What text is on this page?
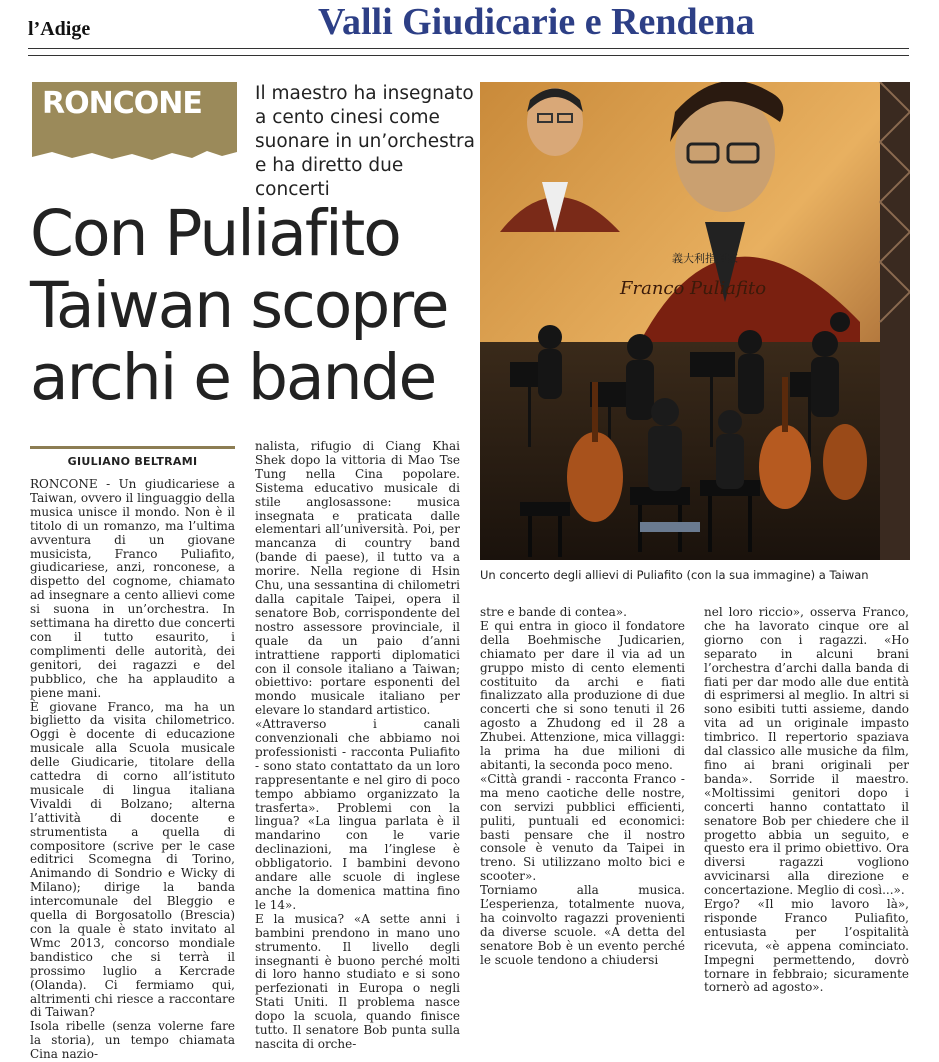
l’Adige	Valli Giudicarie e Rendena
RONCONE	Il maestro ha insegnato a cento cinesi come suonare in un’orchestra e ha diretto due concerti
Con Puliafito
Taiwan scopre
archi e bande
GIULIANO BELTRAMI

RONCONE - Un giudicariese a Taiwan, ovvero il linguaggio della musica unisce il mondo. Non è il titolo di un romanzo, ma l’ultima avventura di un giovane musicista, Franco Puliafito, giudicariese, anzi, ronconese, a dispetto del cognome, chiamato ad insegnare a cento allievi come si suona in un’orchestra. In settimana ha diretto due concerti con il tutto esaurito, i complimenti delle autorità, dei genitori, dei ragazzi e del pubblico, che ha applaudito a piene mani.

È giovane Franco, ma ha un biglietto da visita chilometrico. Oggi è docente di educazione musicale alla Scuola musicale delle Giudicarie, titolare della cattedra di corno all’istituto musicale di lingua italiana Vivaldi di Bolzano; alterna l’attività di docente e strumentista a quella di compositore (scrive per le case editrici Scomegna di Torino, Animando di Sondrio e Wicky di Milano); dirige la banda intercomunale del Bleggio e quella di Borgosatollo (Brescia) con la quale è stato invitato al Wmc 2013, concorso mondiale bandistico che si terrà il prossimo luglio a Kercrade (Olanda). Ci fermiamo qui, altrimenti chi riesce a raccontare di Taiwan?

Isola ribelle (senza volerne fare la storia), un tempo chiamata Cina nazio-

nalista, rifugio di Ciang Khai Shek dopo la vittoria di Mao Tse Tung nella Cina popolare. Sistema educativo musicale di stile anglosassone: musica insegnata e praticata dalle elementari all’università. Poi, per mancanza di country band (bande di paese), il tutto va a morire. Nella regione di Hsin Chu, una sessantina di chilometri dalla capitale Taipei, opera il senatore Bob, corrispondente del nostro assessore provinciale, il quale da un paio d’anni intrattiene rapporti diplomatici con il console italiano a Taiwan; obiettivo: portare esponenti del mondo musicale italiano per elevare lo standard artistico.

«Attraverso i canali convenzionali che abbiamo noi professionisti - racconta Puliafito - sono stato contattato da un loro rappresentante e nel giro di poco tempo abbiamo organizzato la trasferta». Problemi con la lingua? «La lingua parlata è il mandarino con le varie declinazioni, ma l’inglese è obbligatorio. I bambini devono andare alle scuole di inglese anche la domenica mattina fino le 14».

E la musica? «A sette anni i bambini prendono in mano uno strumento. Il livello degli insegnanti è buono perché molti di loro hanno studiato e si sono perfezionati in Europa o negli Stati Uniti. Il problema nasce dopo la scuola, quando finisce tutto. Il senatore Bob punta sulla nascita di orche-

stre e bande di contea».

E qui entra in gioco il fondatore della Boehmische Judicarien, chiamato per dare il via ad un gruppo misto di cento elementi costituito da archi e fiati finalizzato alla produzione di due concerti che si sono tenuti il 26 agosto a Zhudong ed il 28 a Zhubei. Attenzione, mica villaggi: la prima ha due milioni di abitanti, la seconda poco meno.

«Città grandi - racconta Franco - ma meno caotiche delle nostre, con servizi pubblici efficienti, puliti, puntuali ed economici: basti pensare che il nostro console è venuto da Taipei in treno. Si utilizzano molto bici e scooter».

Torniamo alla musica. L’esperienza, totalmente nuova, ha coinvolto ragazzi provenienti da diverse scuole. «A detta del senatore Bob è un evento perché le scuole tendono a chiudersi

nel loro riccio», osserva Franco, che ha lavorato cinque ore al giorno con i ragazzi. «Ho separato in alcuni brani l’orchestra d’archi dalla banda di fiati per dar modo alle due entità di esprimersi al meglio. In altri si sono esibiti tutti assieme, dando vita ad un originale impasto timbrico. Il repertorio spaziava dal classico alle musiche da film, fino ai brani originali per banda». Sorride il maestro. «Moltissimi genitori dopo i concerti hanno contattato il senatore Bob per chiedere che il progetto abbia un seguito, e questo era il primo obiettivo. Ora diversi ragazzi vogliono avvicinarsi alla direzione e concertazione. Meglio di così...».

Ergo? «Il mio lavoro là», risponde Franco Puliafito, entusiasta per l’ospitalità ricevuta, «è appena cominciato. Impegni permettendo, dovrò tornare in febbraio; sicuramente tornerò ad agosto».

義大利指揮家
Franco Puliafito
Un concerto degli allievi di Puliafito (con la sua immagine) a Taiwan
